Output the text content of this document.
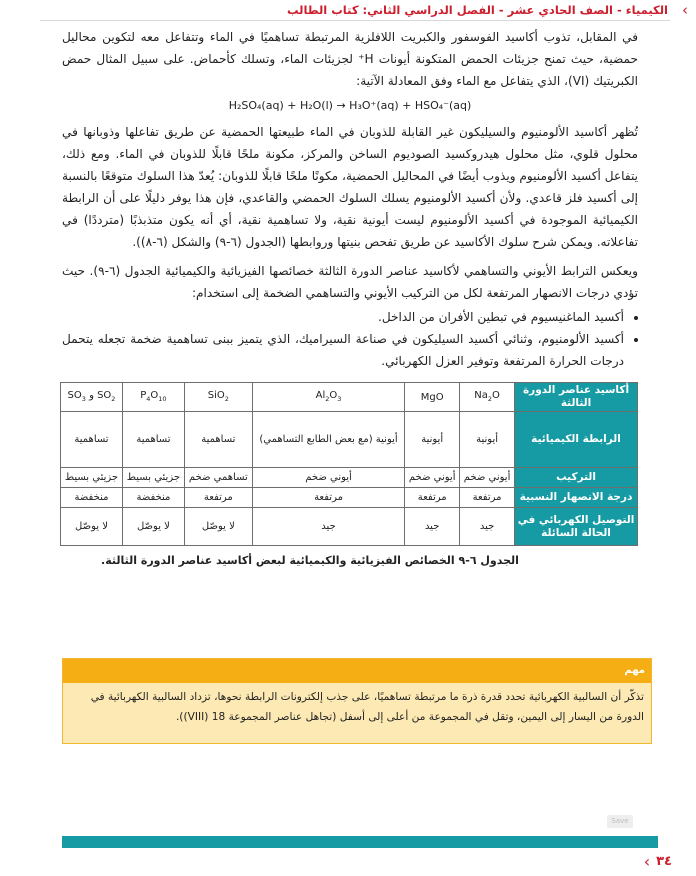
الكيمياء - الصف الحادي عشر - الفصل الدراسي الثاني: كتاب الطالب ‹

في المقابل، تذوب أكاسيد الفوسفور والكبريت اللافلزية المرتبطة تساهميًا في الماء وتتفاعل معه لتكوين محاليل حمضية، حيث تمنح جزيئات الحمض المتكونة أيونات H⁺ لجزيئات الماء، وتسلك كأحماض. على سبيل المثال حمض الكبريتيك (VI)، الذي يتفاعل مع الماء وفق المعادلة الآتية:

H₂SO₄(aq) + H₂O(l) → H₃O⁺(aq) + HSO₄⁻(aq)

تُظهر أكاسيد الألومنيوم والسيليكون غير القابلة للذوبان في الماء طبيعتها الحمضية عن طريق تفاعلها وذوبانها في محلول قلوي، مثل محلول هيدروكسيد الصوديوم الساخن والمركز، مكونة ملحًا قابلًا للذوبان في الماء. ومع ذلك، يتفاعل أكسيد الألومنيوم ويذوب أيضًا في المحاليل الحمضية، مكونًا ملحًا قابلًا للذوبان: يُعدّ هذا السلوك متوقعًا بالنسبة إلى أكسيد فلز قاعدي. ولأن أكسيد الألومنيوم يسلك السلوك الحمضي والقاعدي، فإن هذا يوفر دليلًا على أن الرابطة الكيميائية الموجودة في أكسيد الألومنيوم ليست أيونية نقية، ولا تساهمية نقية، أي أنه يكون متذبذبًا (مترددًا) في تفاعلاته. ويمكن شرح سلوك الأكاسيد عن طريق تفحص بنيتها وروابطها (الجدول (٦-٩) والشكل (٦-٨)).

ويعكس الترابط الأيوني والتساهمي لأكاسيد عناصر الدورة الثالثة خصائصها الفيزيائية والكيميائية الجدول (٦-٩). حيث تؤدي درجات الانصهار المرتفعة لكل من التركيب الأيوني والتساهمي الضخمة إلى استخدام:

• أكسيد الماغنيسيوم في تبطين الأفران من الداخل.
• أكسيد الألومنيوم، وثنائي أكسيد السيليكون في صناعة السيراميك، الذي يتميز ببنى تساهمية ضخمة تجعله يتحمل درجات الحرارة المرتفعة وتوفير العزل الكهربائي.
أكاسيد عناصر الدورة الثالثة	$Na_2O$	MgO	$Al_2O_3$	SiO$_2$	$P_4O_{10}$	$SO_2$ و $SO_3$
الرابطة الكيميائية	أيونية	أيونية	أيونية (مع بعض الطابع التساهمي)	تساهمية	تساهمية	تساهمية
التركيب	أيوني ضخم	أيوني ضخم	أيوني ضخم	تساهمي ضخم	جزيئي بسيط	جزيئي بسيط
درجة الانصهار النسبية	مرتفعة	مرتفعة	مرتفعة	مرتفعة	منخفضة	منخفضة
التوصيل الكهربائي في الحالة السائلة	جيد	جيد	جيد	لا يوصّل	لا يوصّل	لا يوصّل
الجدول ٦-٩ الخصائص الفيزيائية والكيميائية لبعض أكاسيد عناصر الدورة الثالثة.
مهم
تذكّر أن السالبية الكهربائية تحدد قدرة ذرة ما مرتبطة تساهميًا، على جذب إلكترونات الرابطة نحوها، تزداد السالبية الكهربائية في الدورة من اليسار إلى اليمين، وتقل في المجموعة من أعلى إلى أسفل (تجاهل عناصر المجموعة 18 (VIII)).
Save
‹ ٣٤
